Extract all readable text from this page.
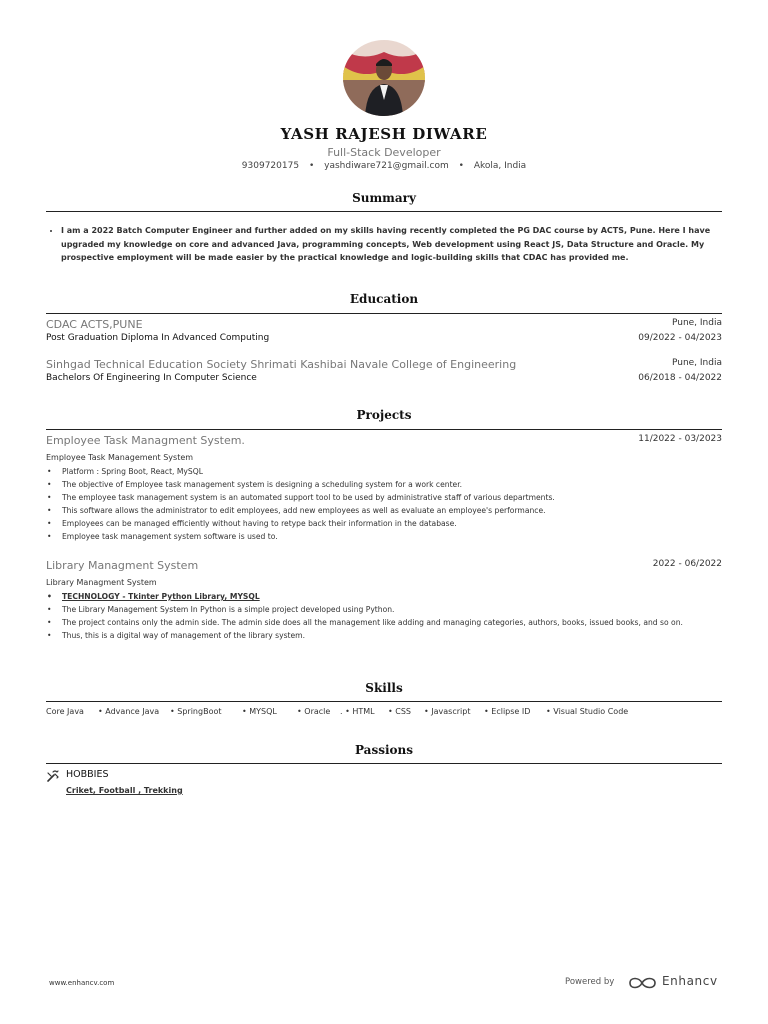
YASH RAJESH DIWARE
Full-Stack Developer
9309720175 • yashdiware721@gmail.com • Akola, India
Summary
• I am a 2022 Batch Computer Engineer and further added on my skills having recently completed the PG DAC course by ACTS, Pune. Here I have upgraded my knowledge on core and advanced Java, programming concepts, Web development using React JS, Data Structure and Oracle. My prospective employment will be made easier by the practical knowledge and logic-building skills that CDAC has provided me.
Education
CDAC ACTS,PUNE
Post Graduation Diploma In Advanced Computing
Pune, India
09/2022 - 04/2023
Sinhgad Technical Education Society Shrimati Kashibai Navale College of Engineering
Bachelors Of Engineering In Computer Science
Pune, India
06/2018 - 04/2022
Projects
Employee Task Managment System.	11/2022 - 03/2023
Employee Task Management System
• Platform : Spring Boot, React, MySQL
• The objective of Employee task management system is designing a scheduling system for a work center.
• The employee task management system is an automated support tool to be used by administrative staff of various departments.
• This software allows the administrator to edit employees, add new employees as well as evaluate an employee's performance.
• Employees can be managed efficiently without having to retype back their information in the database.
• Employee task management system software is used to.
Library Managment System	2022 - 06/2022
Library Managment System
• TECHNOLOGY - Tkinter Python Library, MYSQL
• The Library Management System In Python is a simple project developed using Python.
• The project contains only the admin side. The admin side does all the management like adding and managing categories, authors, books, issued books, and so on.
• Thus, this is a digital way of management of the library system.
Skills
Core Java • Advance Java • SpringBoot	• MYSQL	• Oracle . • HTML • CSS • Javascript • Eclipse ID • Visual Studio Code
Passions
HOBBIES
Criket, Football , Trekking
www.enhancv.com	Powered by	Enhancv
